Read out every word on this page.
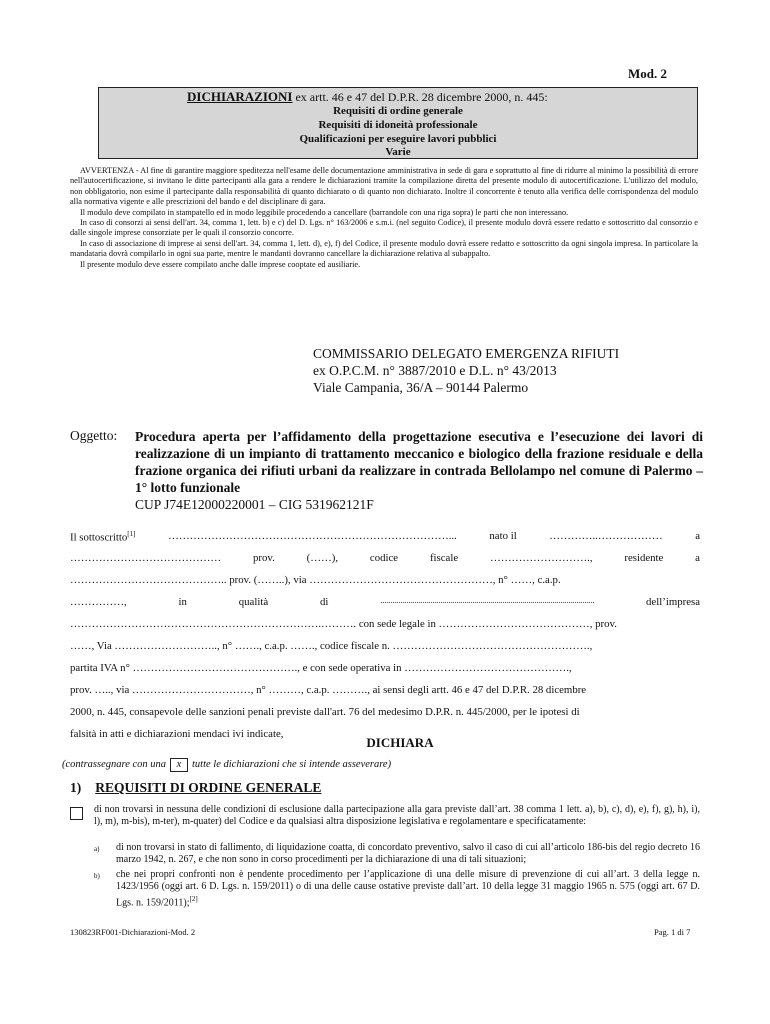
Mod. 2
DICHIARAZIONI ex artt. 46 e 47 del D.P.R. 28 dicembre 2000, n. 445:
Requisiti di ordine generale
Requisiti di idoneità professionale
Qualificazioni per eseguire lavori pubblici
Varie

AVVERTENZA - Al fine di garantire maggiore speditezza nell'esame delle documentazione amministrativa in sede di gara e soprattutto al fine di ridurre al minimo la possibilità di errore nell'autocertificazione, si invitano le ditte partecipanti alla gara a rendere le dichiarazioni tramite la compilazione diretta del presente modulo di autocertificazione. L'utilizzo del modulo, non obbligatorio, non esime il partecipante dalla responsabilità di quanto dichiarato o di quanto non dichiarato. Inoltre il concorrente è tenuto alla verifica delle corrispondenza del modulo alla normativa vigente e alle prescrizioni del bando e del disciplinare di gara.

Il modulo deve compilato in stampatello ed in modo leggibile procedendo a cancellare (barrandole con una riga sopra) le parti che non interessano.

In caso di consorzi ai sensi dell'art. 34, comma 1, lett. b) e c) del D. Lgs. n° 163/2006 e s.m.i. (nel seguito Codice), il presente modulo dovrà essere redatto e sottoscritto dal consorzio e dalle singole imprese consorziate per le quali il consorzio concorre.

In caso di associazione di imprese ai sensi dell'art. 34, comma 1, lett. d), e), f) del Codice, il presente modulo dovrà essere redatto e sottoscritto da ogni singola impresa. In particolare la mandataria dovrà compilarlo in ogni sua parte, mentre le mandanti dovranno cancellare la dichiarazione relativa al subappalto.

Il presente modulo deve essere compilato anche dalle imprese cooptate ed ausiliarie.

COMMISSARIO DELEGATO EMERGENZA RIFIUTI
ex O.P.C.M. n° 3887/2010 e D.L. n° 43/2013
Viale Campania, 36/A – 90144 Palermo
Oggetto: Procedura aperta per l’affidamento della progettazione esecutiva e l’esecuzione dei lavori di realizzazione di un impianto di trattamento meccanico e biologico della frazione residuale e della frazione organica dei rifiuti urbani da realizzare in contrada Bellolampo nel comune di Palermo – 1° lotto funzionale
CUP J74E12000220001 – CIG 531962121F
Il sottoscritto[1]	……………………………………………………………………...	nato il	…………..………………	a
……………………………………	prov.	(……),	codice	fiscale	……………………….,	residente	a
…………………………………….. prov. (……..), via ……………………………………………, n° ……, c.a.p.
……………,	in	qualità	di	...........................................................................................................	dell’impresa
…………………………………………………………….………. con sede legale in ……………………………………, prov.
……, Via ……………………….., n° ……., c.a.p. ……., codice fiscale n. ……………………………………………….,
partita IVA n° ………………………………………., e con sede operativa in ……………………………………….,
prov. ….., via ……………………………, n° ………, c.a.p. ………., ai sensi degli artt. 46 e 47 del D.P.R. 28 dicembre
2000, n. 445, consapevole delle sanzioni penali previste dall'art. 76 del medesimo D.P.R. n. 445/2000, per le ipotesi di
falsità in atti e dichiarazioni mendaci ivi indicate,
DICHIARA
(contrassegnare con una x tutte le dichiarazioni che si intende asseverare)
1) REQUISITI DI ORDINE GENERALE
di non trovarsi in nessuna delle condizioni di esclusione dalla partecipazione alla gara previste dall’art. 38 comma 1 lett. a), b), c), d), e), f), g), h), i), l), m), m-bis), m-ter), m-quater) del Codice e da qualsiasi altra disposizione legislativa e regolamentare e specificatamente:
a)	di non trovarsi in stato di fallimento, di liquidazione coatta, di concordato preventivo, salvo il caso di cui all’articolo 186-bis del regio decreto 16 marzo 1942, n. 267, e che non sono in corso procedimenti per la dichiarazione di una di tali situazioni;
b)	che nei propri confronti non è pendente procedimento per l’applicazione di una delle misure di prevenzione di cui all’art. 3 della legge n. 1423/1956 (oggi art. 6 D. Lgs. n. 159/2011) o di una delle cause ostative previste dall’art. 10 della legge 31 maggio 1965 n. 575 (oggi art. 67 D. Lgs. n. 159/2011);[2]
130823RF001-Dichiarazioni-Mod. 2	Pag. 1 di 7
